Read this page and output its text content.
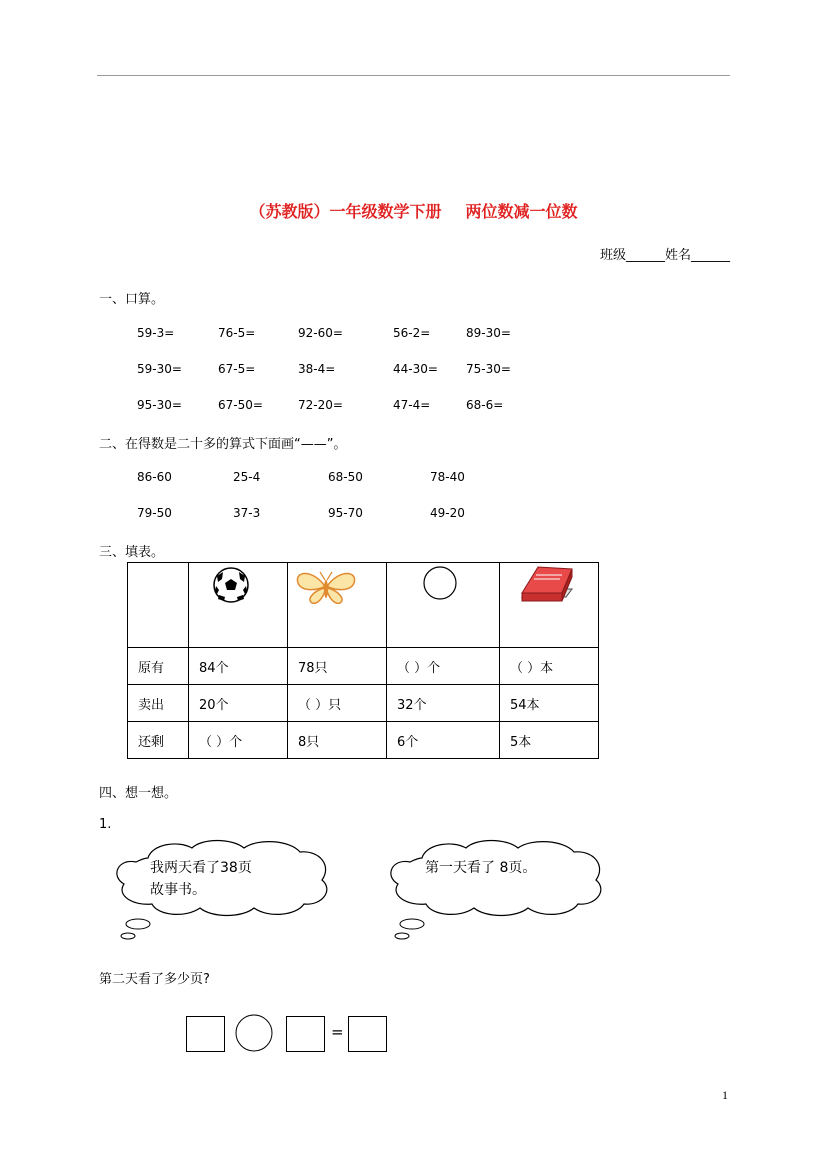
（苏教版）一年级数学下册 两位数减一位数
班级______姓名______
一、口算。
59-3=	76-5=	92-60=	56-2=	89-30=
59-30=	67-5=	38-4=	44-30= 75-30=
95-30=	67-50=	72-20=	47-4=	68-6=
二、在得数是二十多的算式下面画“——”。
86-60	25-4	68-50	78-40
79-50	37-3	95-70	49-20
三、填表。

原有	84个	78只	（ ）个	（ ）本
卖出	20个	（ ）只	32个	54本
还剩	（ ）个	8只	6个	5本
四、想一想。
1.
我两天看了38页
故事书。
第一天看了 8页。
第二天看了多少页?
=
1
